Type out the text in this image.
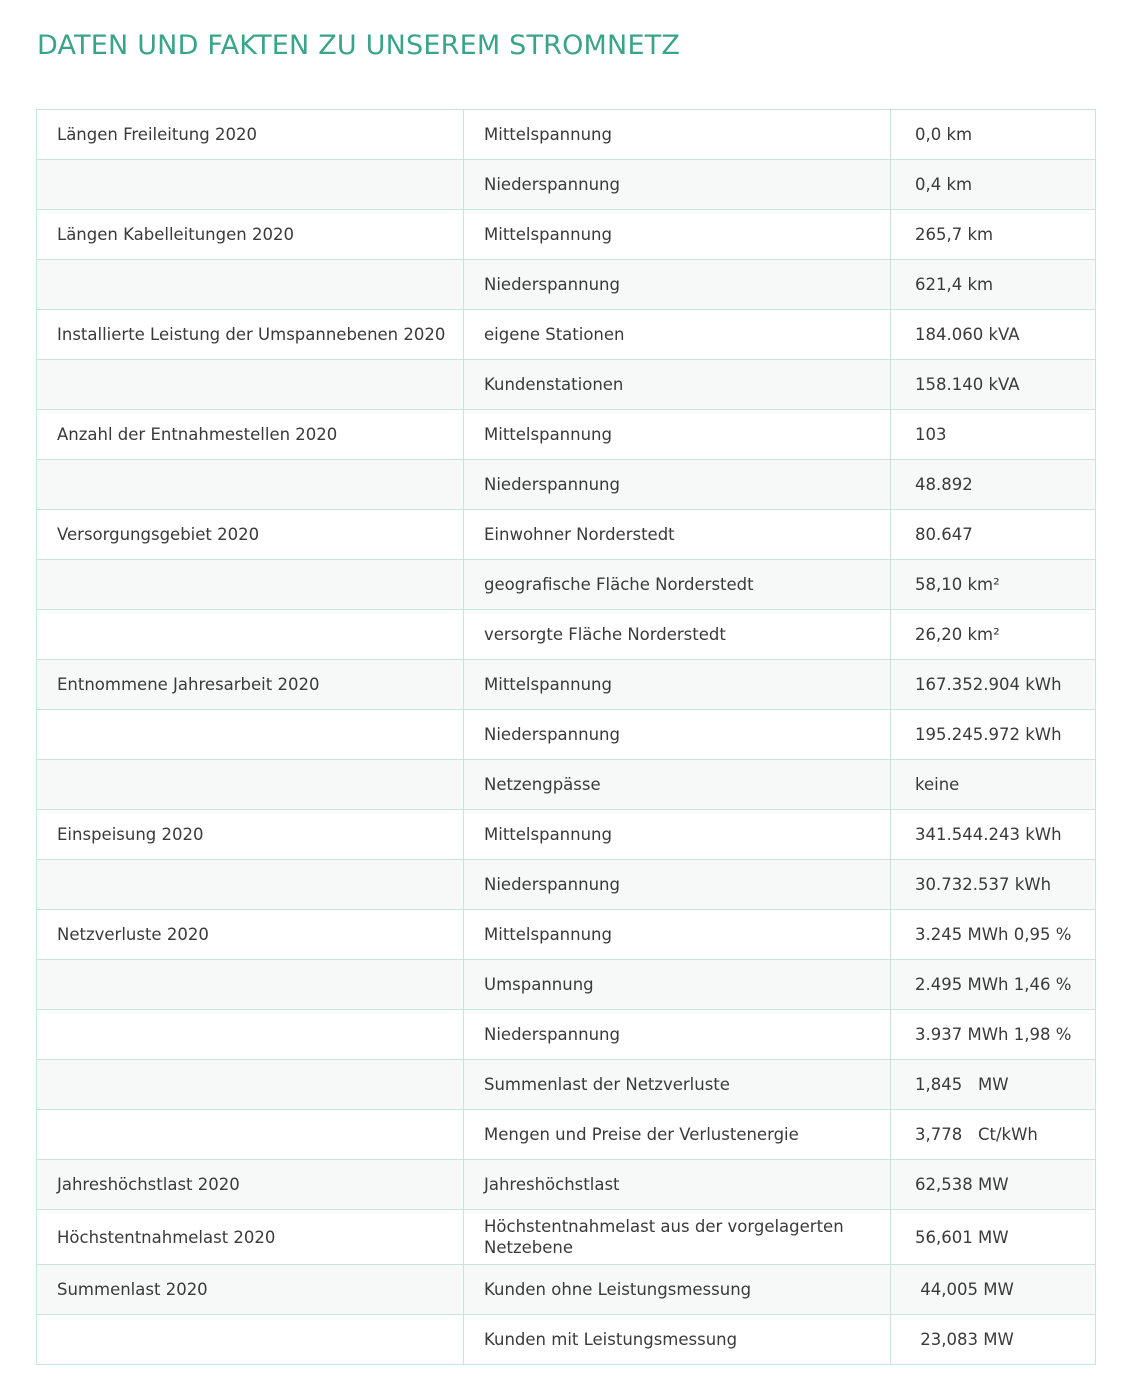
DATEN UND FAKTEN ZU UNSEREM STROMNETZ
Längen Freileitung 2020	Mittelspannung	0,0 km
	Niederspannung	0,4 km
Längen Kabelleitungen 2020	Mittelspannung	265,7 km
	Niederspannung	621,4 km
Installierte Leistung der Umspannebenen 2020	eigene Stationen	184.060 kVA
	Kundenstationen	158.140 kVA
Anzahl der Entnahmestellen 2020	Mittelspannung	103
	Niederspannung	48.892
Versorgungsgebiet 2020	Einwohner Norderstedt	80.647
	geografische Fläche Norderstedt	58,10 km²
	versorgte Fläche Norderstedt	26,20 km²
Entnommene Jahresarbeit 2020	Mittelspannung	167.352.904 kWh
	Niederspannung	195.245.972 kWh
	Netzengpässe	keine
Einspeisung 2020	Mittelspannung	341.544.243 kWh
	Niederspannung	30.732.537 kWh
Netzverluste 2020	Mittelspannung	3.245 MWh 0,95 %
	Umspannung	2.495 MWh 1,46 %
	Niederspannung	3.937 MWh 1,98 %
	Summenlast der Netzverluste	1,845   MW
	Mengen und Preise der Verlustenergie	3,778   Ct/kWh
Jahreshöchstlast 2020	Jahreshöchstlast	62,538 MW
Höchstentnahmelast 2020	Höchstentnahmelast aus der vorgelagerten Netzebene	56,601 MW
Summenlast 2020	Kunden ohne Leistungsmessung	44,005 MW
	Kunden mit Leistungsmessung	23,083 MW
